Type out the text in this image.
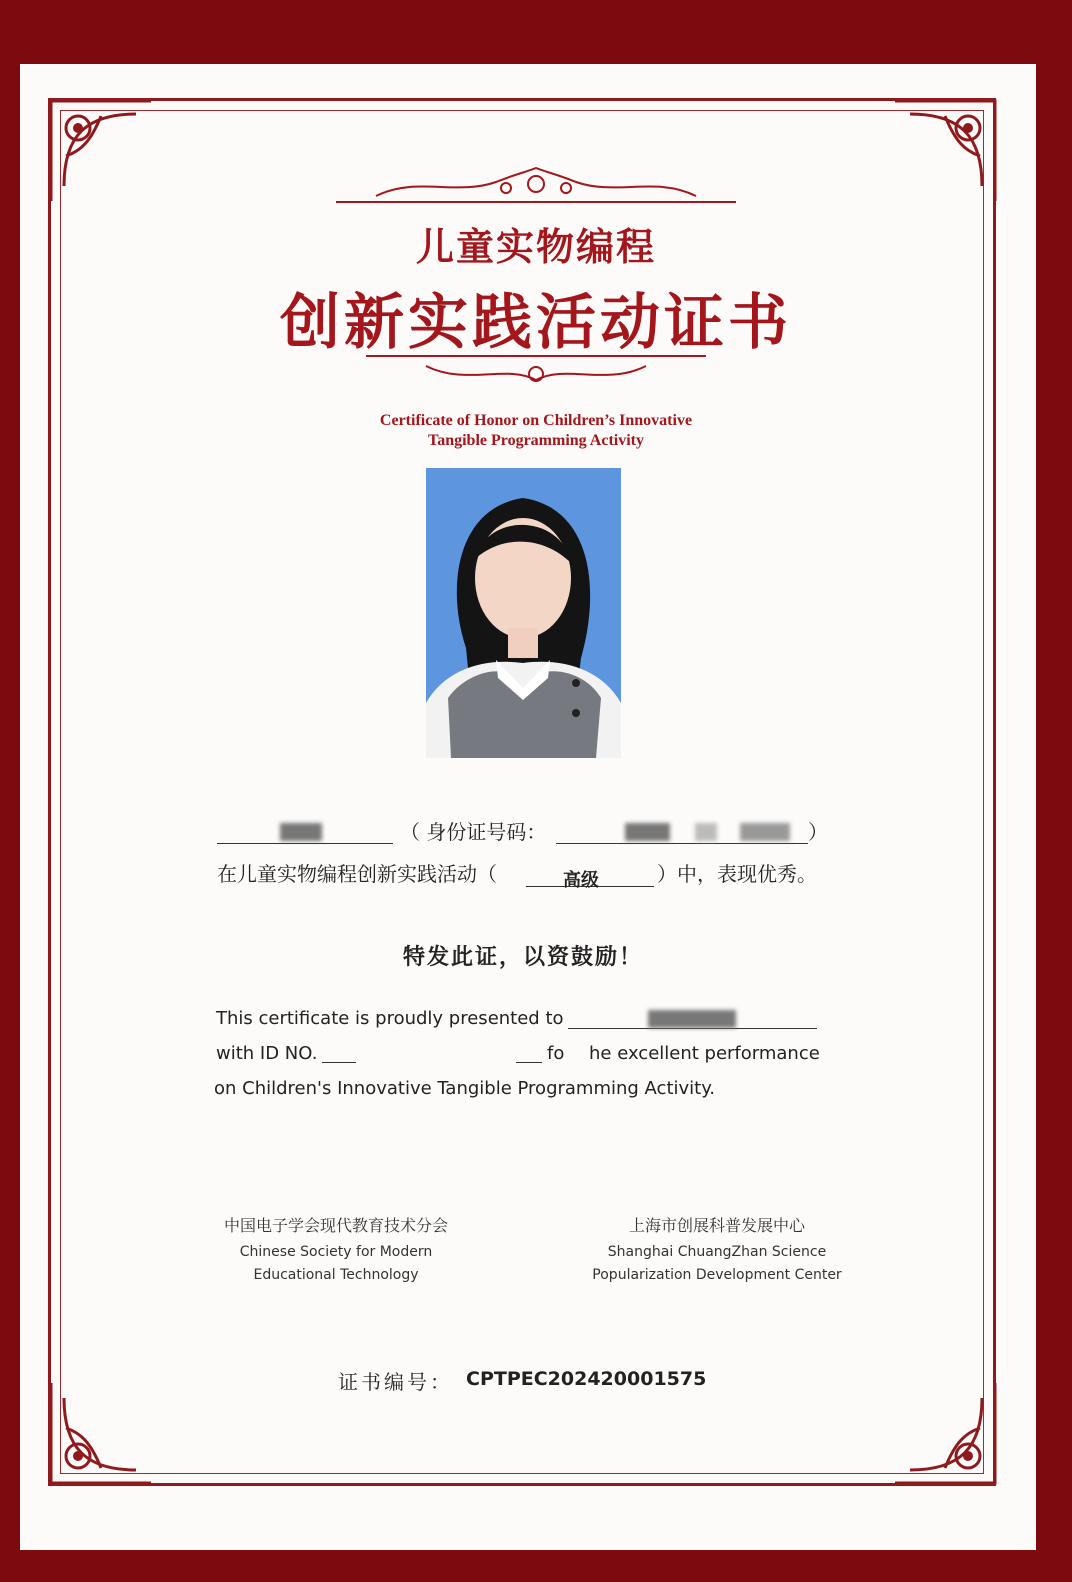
儿童实物编程
创新实践活动证书
Certificate of Honor on Children’s Innovative
Tangible Programming Activity
（ 身份证号码：	）
在儿童实物编程创新实践活动（	高级	）中，表现优秀。
特发此证，以资鼓励！
This certificate is proudly presented to
with ID NO.	fo he excellent performance
on Children's Innovative Tangible Programming Activity.
中国电子学会现代教育技术分会
Chinese Society for Modern
Educational Technology
上海市创展科普发展中心
Shanghai ChuangZhan Science
Popularization Development Center
证书编号： CPTPEC202420001575
